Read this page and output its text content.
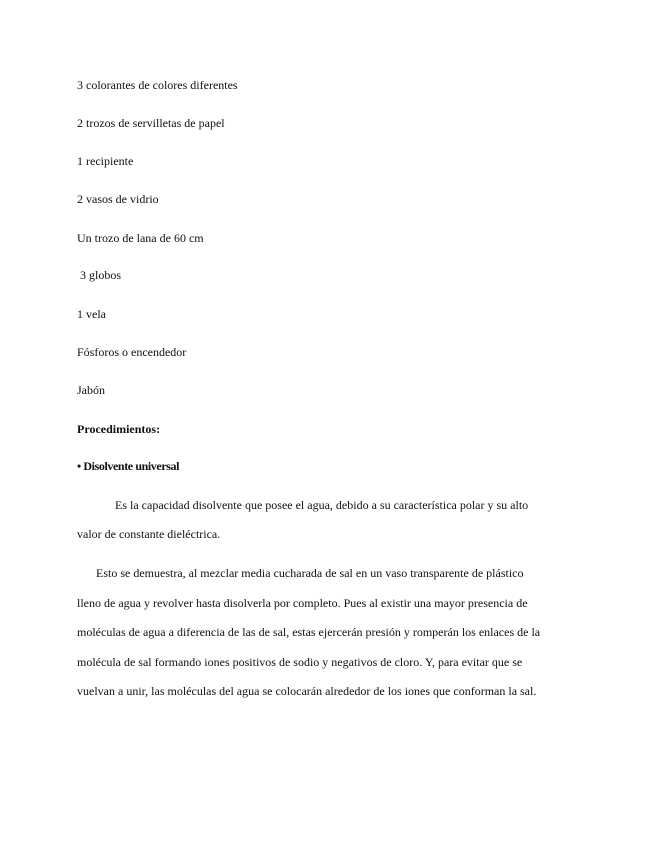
3 colorantes de colores diferentes
2 trozos de servilletas de papel
1 recipiente
2 vasos de vidrio
Un trozo de lana de 60 cm
3 globos
1 vela
Fósforos o encendedor
Jabón
Procedimientos:
• Disolvente universal
Es la capacidad disolvente que posee el agua, debido a su característica polar y su alto
valor de constante dieléctrica.
Esto se demuestra, al mezclar media cucharada de sal en un vaso transparente de plástico
lleno de agua y revolver hasta disolverla por completo. Pues al existir una mayor presencia de
moléculas de agua a diferencia de las de sal, estas ejercerán presión y romperán los enlaces de la
molécula de sal formando iones positivos de sodio y negativos de cloro. Y, para evitar que se
vuelvan a unir, las moléculas del agua se colocarán alrededor de los iones que conforman la sal.
